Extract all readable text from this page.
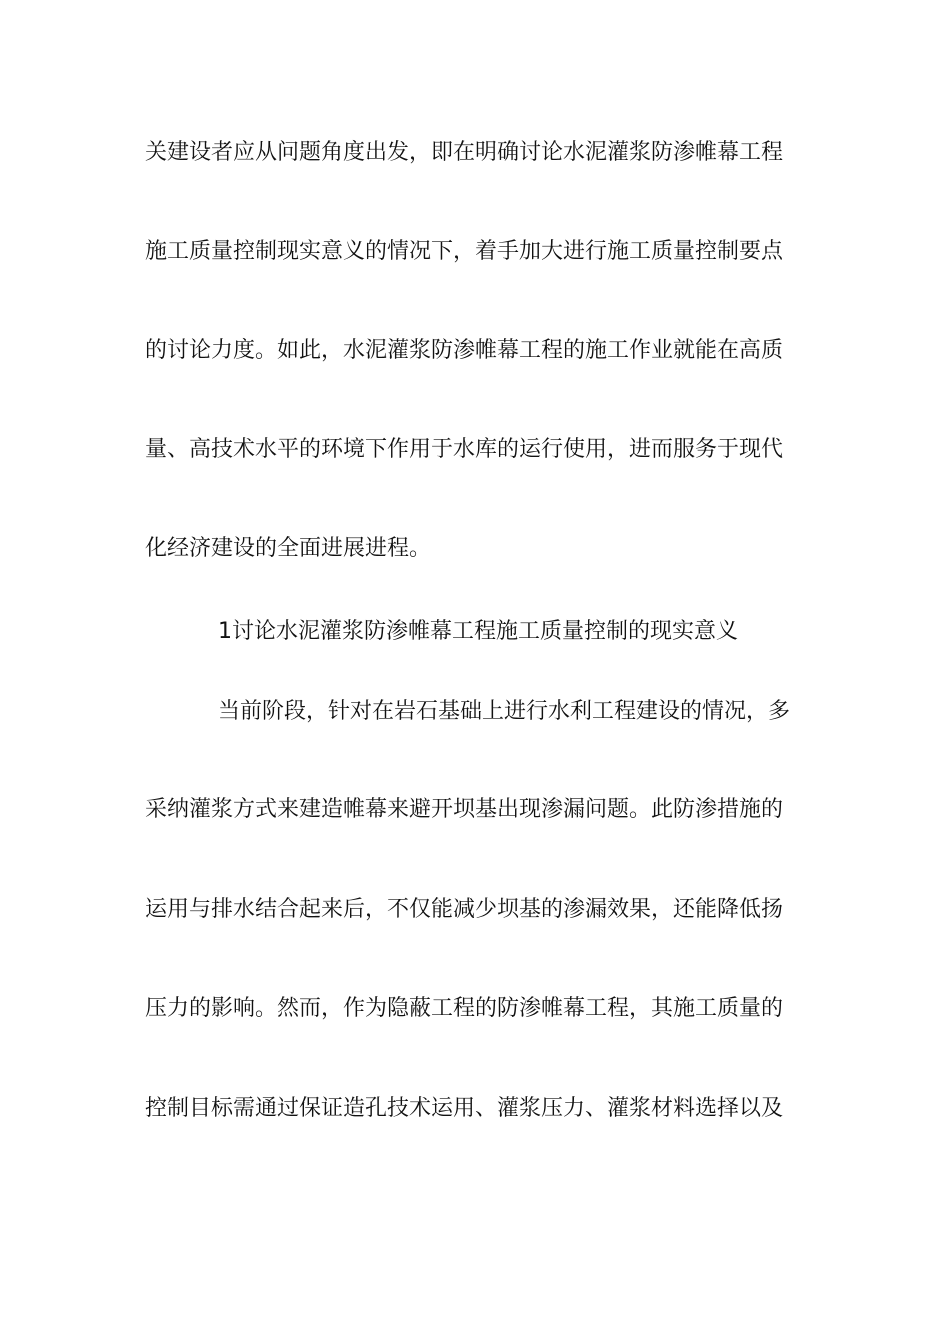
关建设者应从问题角度出发，即在明确讨论水泥灌浆防渗帷幕工程
施工质量控制现实意义的情况下，着手加大进行施工质量控制要点
的讨论力度。如此，水泥灌浆防渗帷幕工程的施工作业就能在高质
量、高技术水平的环境下作用于水库的运行使用，进而服务于现代
化经济建设的全面进展进程。
1讨论水泥灌浆防渗帷幕工程施工质量控制的现实意义
当前阶段，针对在岩石基础上进行水利工程建设的情况，多
采纳灌浆方式来建造帷幕来避开坝基出现渗漏问题。此防渗措施的
运用与排水结合起来后，不仅能减少坝基的渗漏效果，还能降低扬
压力的影响。然而，作为隐蔽工程的防渗帷幕工程，其施工质量的
控制目标需通过保证造孔技术运用、灌浆压力、灌浆材料选择以及
